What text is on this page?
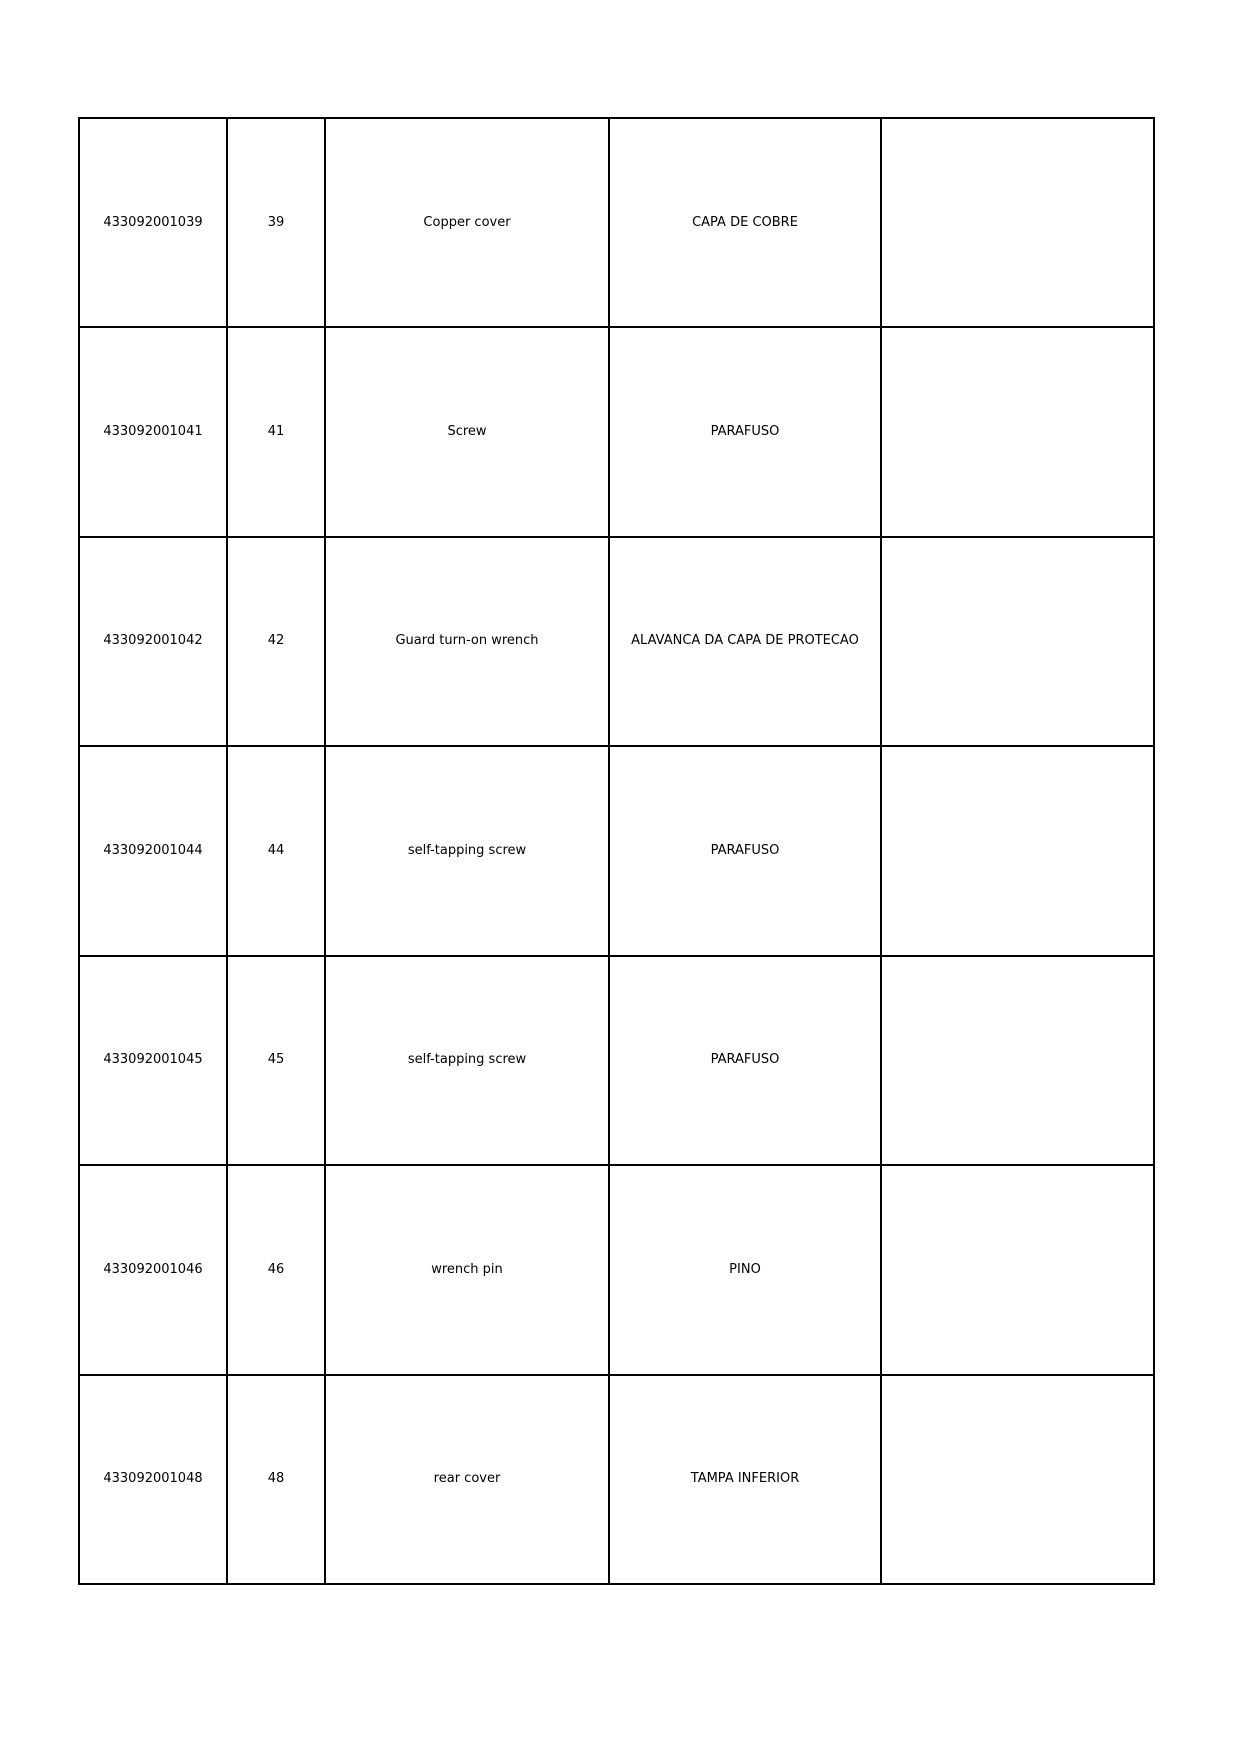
433092001039	39	Copper cover	CAPA DE COBRE	
433092001041	41	Screw	PARAFUSO	
433092001042	42	Guard turn-on wrench	ALAVANCA DA CAPA DE PROTECAO	
433092001044	44	self-tapping screw	PARAFUSO	
433092001045	45	self-tapping screw	PARAFUSO	
433092001046	46	wrench pin	PINO	
433092001048	48	rear cover	TAMPA INFERIOR	
